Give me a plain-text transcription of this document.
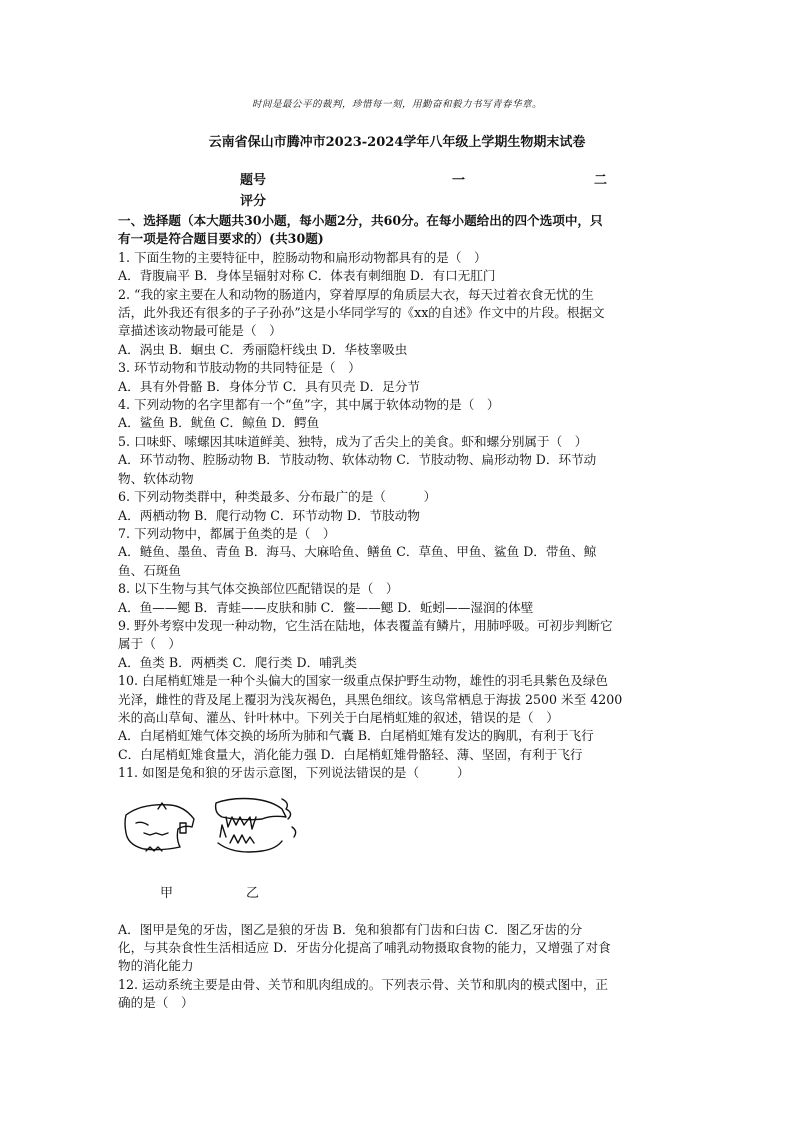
时间是最公平的裁判，珍惜每一刻，用勤奋和毅力书写青春华章。
云南省保山市腾冲市2023-2024学年八年级上学期生物期末试卷
题号	一	二
评分

一、选择题（本大题共30小题，每小题2分，共60分。在每小题给出的四个选项中，只

有一项是符合题目要求的）(共30题)

1. 下面生物的主要特征中，腔肠动物和扁形动物都具有的是（　）

A．背腹扁平 B．身体呈辐射对称 C．体表有刺细胞 D．有口无肛门

2. “我的家主要在人和动物的肠道内，穿着厚厚的角质层大衣，每天过着衣食无忧的生

活，此外我还有很多的子子孙孙”这是小华同学写的《xx的自述》作文中的片段。根据文

章描述该动物最可能是（　）

A．涡虫 B．蛔虫 C．秀丽隐杆线虫 D．华枝睾吸虫

3. 环节动物和节肢动物的共同特征是（　）

A．具有外骨骼 B．身体分节 C．具有贝壳 D．足分节

4. 下列动物的名字里都有一个“鱼”字，其中属于软体动物的是（　）

A．鲨鱼 B．鱿鱼 C．鲸鱼 D．鳄鱼

5. 口味虾、嗦螺因其味道鲜美、独特，成为了舌尖上的美食。虾和螺分别属于（　）

A．环节动物、腔肠动物 B．节肢动物、软体动物 C．节肢动物、扁形动物 D．环节动

物、软体动物

6. 下列动物类群中，种类最多、分布最广的是（　　　）

A．两栖动物 B．爬行动物 C．环节动物 D．节肢动物

7. 下列动物中，都属于鱼类的是（　）

A．鲢鱼、墨鱼、青鱼 B．海马、大麻哈鱼、鳝鱼 C．草鱼、甲鱼、鲨鱼 D．带鱼、鲸

鱼、石斑鱼

8. 以下生物与其气体交换部位匹配错误的是（　）

A．鱼——鳃 B．青蛙——皮肤和肺 C．鳖——鳃 D．蚯蚓——湿润的体壁

9. 野外考察中发现一种动物，它生活在陆地，体表覆盖有鳞片，用肺呼吸。可初步判断它

属于（　）

A．鱼类 B．两栖类 C．爬行类 D．哺乳类

10. 白尾梢虹雉是一种个头偏大的国家一级重点保护野生动物，雄性的羽毛具紫色及绿色

光泽，雌性的背及尾上覆羽为浅灰褐色，具黑色细纹。该鸟常栖息于海拔 2500 米至 4200

米的高山草甸、灌丛、针叶林中。下列关于白尾梢虹雉的叙述，错误的是（　）

A．白尾梢虹雉气体交换的场所为肺和气囊 B．白尾梢虹雉有发达的胸肌，有利于飞行

C．白尾梢虹雉食量大，消化能力强 D．白尾梢虹雉骨骼轻、薄、坚固，有利于飞行

11. 如图是兔和狼的牙齿示意图，下列说法错误的是（　　　）

甲	乙

A．图甲是兔的牙齿，图乙是狼的牙齿 B．兔和狼都有门齿和臼齿 C．图乙牙齿的分

化，与其杂食性生活相适应 D．牙齿分化提高了哺乳动物摄取食物的能力，又增强了对食

物的消化能力

12. 运动系统主要是由骨、关节和肌肉组成的。下列表示骨、关节和肌肉的模式图中，正

确的是（　）
